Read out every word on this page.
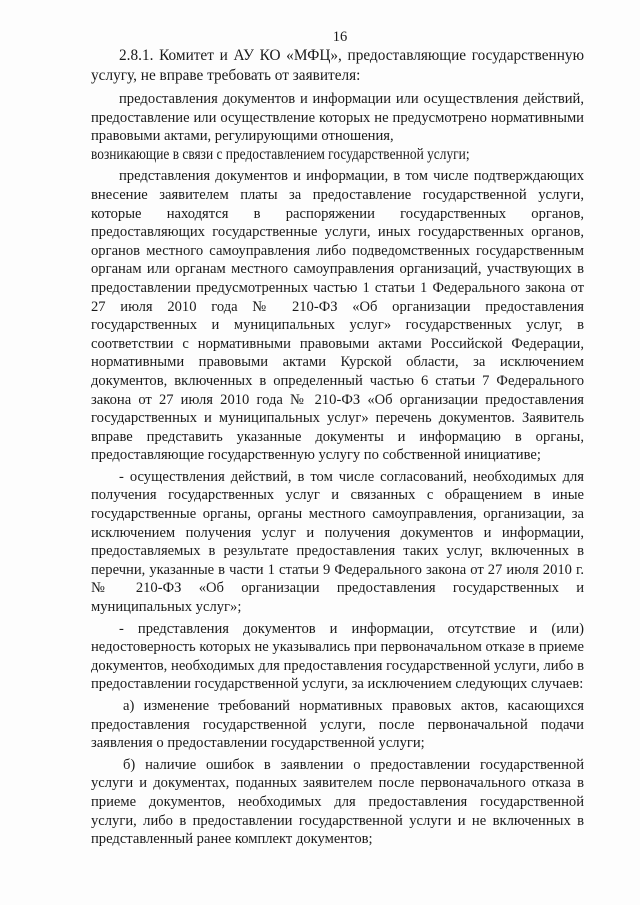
16

2.8.1. Комитет и АУ КО «МФЦ», предоставляющие государственную услугу, не вправе требовать от заявителя:

предоставления документов и информации или осуществления действий, предоставление или осуществление которых не предусмотрено нормативными правовыми актами, регулирующими отношения,
возникающие в связи с предоставлением государственной услуги;

представления документов и информации, в том числе подтверждающих внесение заявителем платы за предоставление государственной услуги, которые находятся в распоряжении государственных органов, предоставляющих государственные услуги, иных государственных органов, органов местного самоуправления либо подведомственных государственным органам или органам местного самоуправления организаций, участвующих в предоставлении предусмотренных частью 1 статьи 1 Федерального закона от 27 июля 2010 года № 210-ФЗ «Об организации предоставления государственных и муниципальных услуг» государственных услуг, в соответствии с нормативными правовыми актами Российской Федерации, нормативными правовыми актами Курской области, за исключением документов, включенных в определенный частью 6 статьи 7 Федерального закона от 27 июля 2010 года № 210-ФЗ «Об организации предоставления государственных и муниципальных услуг» перечень документов. Заявитель вправе представить указанные документы и информацию в органы, предоставляющие государственную услугу по собственной инициативе;

- осуществления действий, в том числе согласований, необходимых для получения государственных услуг и связанных с обращением в иные государственные органы, органы местного самоуправления, организации, за исключением получения услуг и получения документов и информации, предоставляемых в результате предоставления таких услуг, включенных в перечни, указанные в части 1 статьи 9 Федерального закона от 27 июля 2010 г. № 210-ФЗ «Об организации предоставления государственных и муниципальных услуг»;

- представления документов и информации, отсутствие и (или) недостоверность которых не указывались при первоначальном отказе в приеме документов, необходимых для предоставления государственной услуги, либо в предоставлении государственной услуги, за исключением следующих случаев:

а) изменение требований нормативных правовых актов, касающихся предоставления государственной услуги, после первоначальной подачи заявления о предоставлении государственной услуги;

б) наличие ошибок в заявлении о предоставлении государственной услуги и документах, поданных заявителем после первоначального отказа в приеме документов, необходимых для предоставления государственной услуги, либо в предоставлении государственной услуги и не включенных в представленный ранее комплект документов;
